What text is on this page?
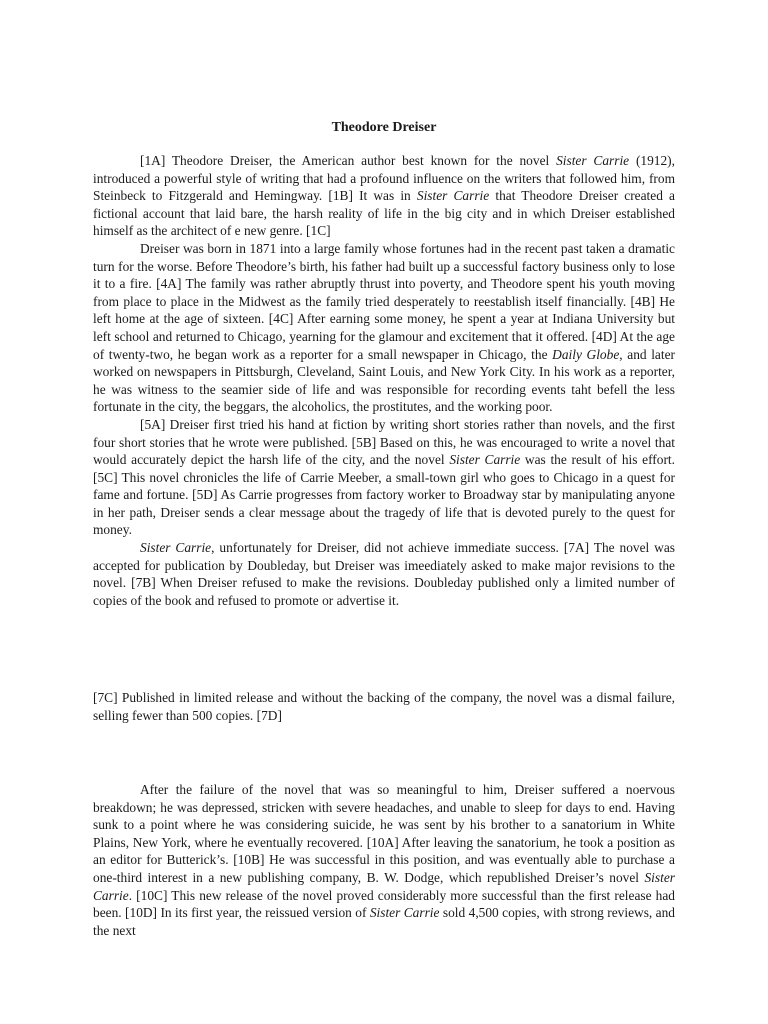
Theodore Dreiser

[1A] Theodore Dreiser, the American author best known for the novel Sister Carrie (1912), introduced a powerful style of writing that had a profound influence on the writers that followed him, from Steinbeck to Fitzgerald and Hemingway. [1B] It was in Sister Carrie that Theodore Dreiser created a fictional account that laid bare, the harsh reality of life in the big city and in which Dreiser established himself as the architect of e new genre. [1C]

Dreiser was born in 1871 into a large family whose fortunes had in the recent past taken a dramatic turn for the worse. Before Theodore’s birth, his father had built up a successful factory business only to lose it to a fire. [4A] The family was rather abruptly thrust into poverty, and Theodore spent his youth moving from place to place in the Midwest as the family tried desperately to reestablish itself financially. [4B] He left home at the age of sixteen. [4C] After earning some money, he spent a year at Indiana University but left school and returned to Chicago, yearning for the glamour and excitement that it offered. [4D] At the age of twenty-two, he began work as a reporter for a small newspaper in Chicago, the Daily Globe, and later worked on newspapers in Pittsburgh, Cleveland, Saint Louis, and New York City. In his work as a reporter, he was witness to the seamier side of life and was responsible for recording events taht befell the less fortunate in the city, the beggars, the alcoholics, the prostitutes, and the working poor.

[5A] Dreiser first tried his hand at fiction by writing short stories rather than novels, and the first four short stories that he wrote were published. [5B] Based on this, he was encouraged to write a novel that would accurately depict the harsh life of the city, and the novel Sister Carrie was the result of his effort. [5C] This novel chronicles the life of Carrie Meeber, a small-town girl who goes to Chicago in a quest for fame and fortune. [5D] As Carrie progresses from factory worker to Broadway star by manipulating anyone in her path, Dreiser sends a clear message about the tragedy of life that is devoted purely to the quest for money.

Sister Carrie, unfortunately for Dreiser, did not achieve immediate success. [7A] The novel was accepted for publication by Doubleday, but Dreiser was imeediately asked to make major revisions to the novel. [7B] When Dreiser refused to make the revisions. Doubleday published only a limited number of copies of the book and refused to promote or advertise it.

[7C] Published in limited release and without the backing of the company, the novel was a dismal failure, selling fewer than 500 copies. [7D]

After the failure of the novel that was so meaningful to him, Dreiser suffered a noervous breakdown; he was depressed, stricken with severe headaches, and unable to sleep for days to end. Having sunk to a point where he was considering suicide, he was sent by his brother to a sanatorium in White Plains, New York, where he eventually recovered. [10A] After leaving the sanatorium, he took a position as an editor for Butterick’s. [10B] He was successful in this position, and was eventually able to purchase a one-third interest in a new publishing company, B. W. Dodge, which republished Dreiser’s novel Sister Carrie. [10C] This new release of the novel proved considerably more successful than the first release had been. [10D] In its first year, the reissued version of Sister Carrie sold 4,500 copies, with strong reviews, and the next
